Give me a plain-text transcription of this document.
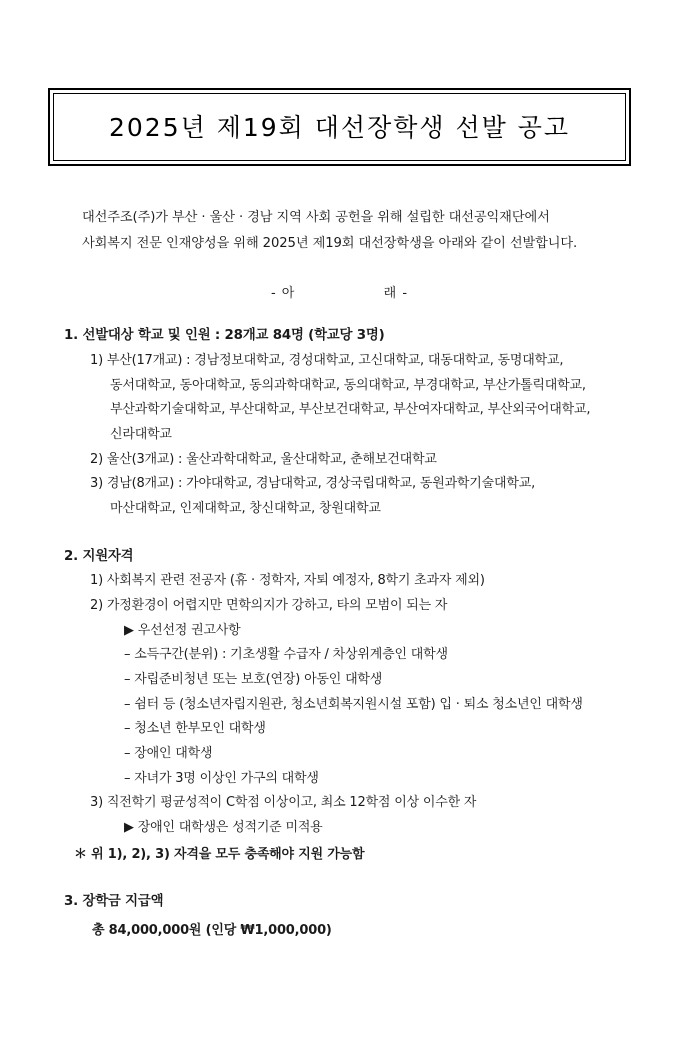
2025년 제19회 대선장학생 선발 공고
대선주조(주)가 부산 · 울산 · 경남 지역 사회 공헌을 위해 설립한 대선공익재단에서
사회복지 전문 인재양성을 위해 2025년 제19회 대선장학생을 아래와 같이 선발합니다.
- 아	래 -
1. 선발대상 학교 및 인원 : 28개교 84명 (학교당 3명)
1) 부산(17개교) : 경남정보대학교, 경성대학교, 고신대학교, 대동대학교, 동명대학교,
동서대학교, 동아대학교, 동의과학대학교, 동의대학교, 부경대학교, 부산가톨릭대학교,
부산과학기술대학교, 부산대학교, 부산보건대학교, 부산여자대학교, 부산외국어대학교,
신라대학교
2) 울산(3개교) : 울산과학대학교, 울산대학교, 춘해보건대학교
3) 경남(8개교) : 가야대학교, 경남대학교, 경상국립대학교, 동원과학기술대학교,
마산대학교, 인제대학교, 창신대학교, 창원대학교
2. 지원자격
1) 사회복지 관련 전공자 (휴 · 정학자, 자퇴 예정자, 8학기 초과자 제외)
2) 가정환경이 어렵지만 면학의지가 강하고, 타의 모범이 되는 자
▶ 우선선정 권고사항
– 소득구간(분위) : 기초생활 수급자 / 차상위계층인 대학생
– 자립준비청년 또는 보호(연장) 아동인 대학생
– 쉼터 등 (청소년자립지원관, 청소년회복지원시설 포함) 입 · 퇴소 청소년인 대학생
– 청소년 한부모인 대학생
– 장애인 대학생
– 자녀가 3명 이상인 가구의 대학생
3) 직전학기 평균성적이 C학점 이상이고, 최소 12학점 이상 이수한 자
▶ 장애인 대학생은 성적기준 미적용
＊ 위 1), 2), 3) 자격을 모두 충족해야 지원 가능함
3. 장학금 지급액
총 84,000,000원 (인당 ₩1,000,000)
